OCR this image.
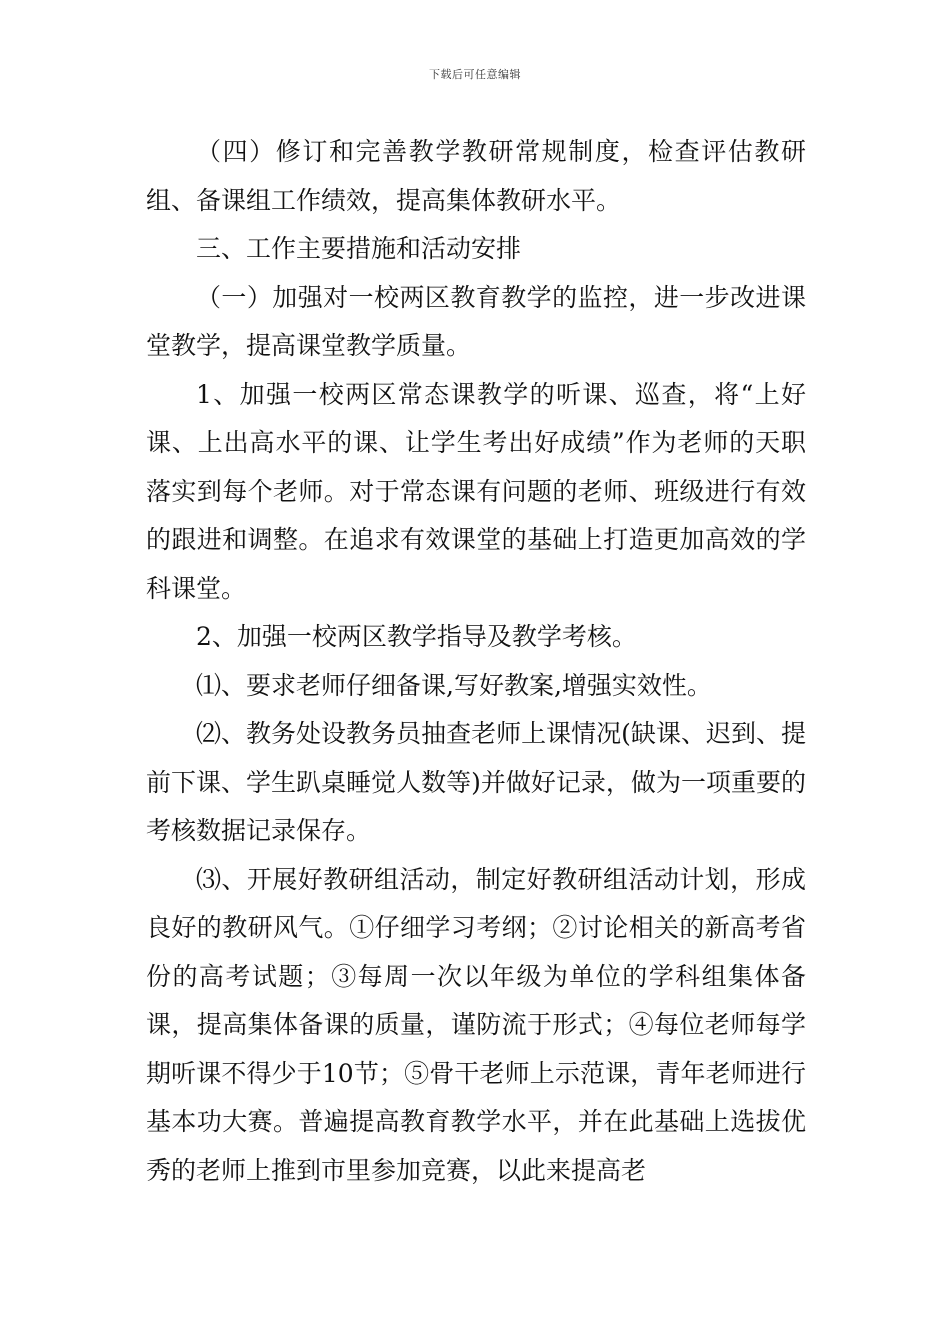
下载后可任意编辑

（四）修订和完善教学教研常规制度，检查评估教研组、备课组工作绩效，提高集体教研水平。

三、工作主要措施和活动安排

（一）加强对一校两区教育教学的监控，进一步改进课堂教学，提高课堂教学质量。

1、加强一校两区常态课教学的听课、巡查，将“上好课、上出高水平的课、让学生考出好成绩”作为老师的天职落实到每个老师。对于常态课有问题的老师、班级进行有效的跟进和调整。在追求有效课堂的基础上打造更加高效的学科课堂。

2、加强一校两区教学指导及教学考核。

⑴、要求老师仔细备课,写好教案,增强实效性。

⑵、教务处设教务员抽查老师上课情况(缺课、迟到、提前下课、学生趴桌睡觉人数等)并做好记录，做为一项重要的考核数据记录保存。

⑶、开展好教研组活动，制定好教研组活动计划，形成良好的教研风气。①仔细学习考纲；②讨论相关的新高考省份的高考试题；③每周一次以年级为单位的学科组集体备课，提高集体备课的质量，谨防流于形式；④每位老师每学期听课不得少于10节；⑤骨干老师上示范课，青年老师进行基本功大赛。普遍提高教育教学水平，并在此基础上选拔优秀的老师上推到市里参加竞赛，以此来提高老
